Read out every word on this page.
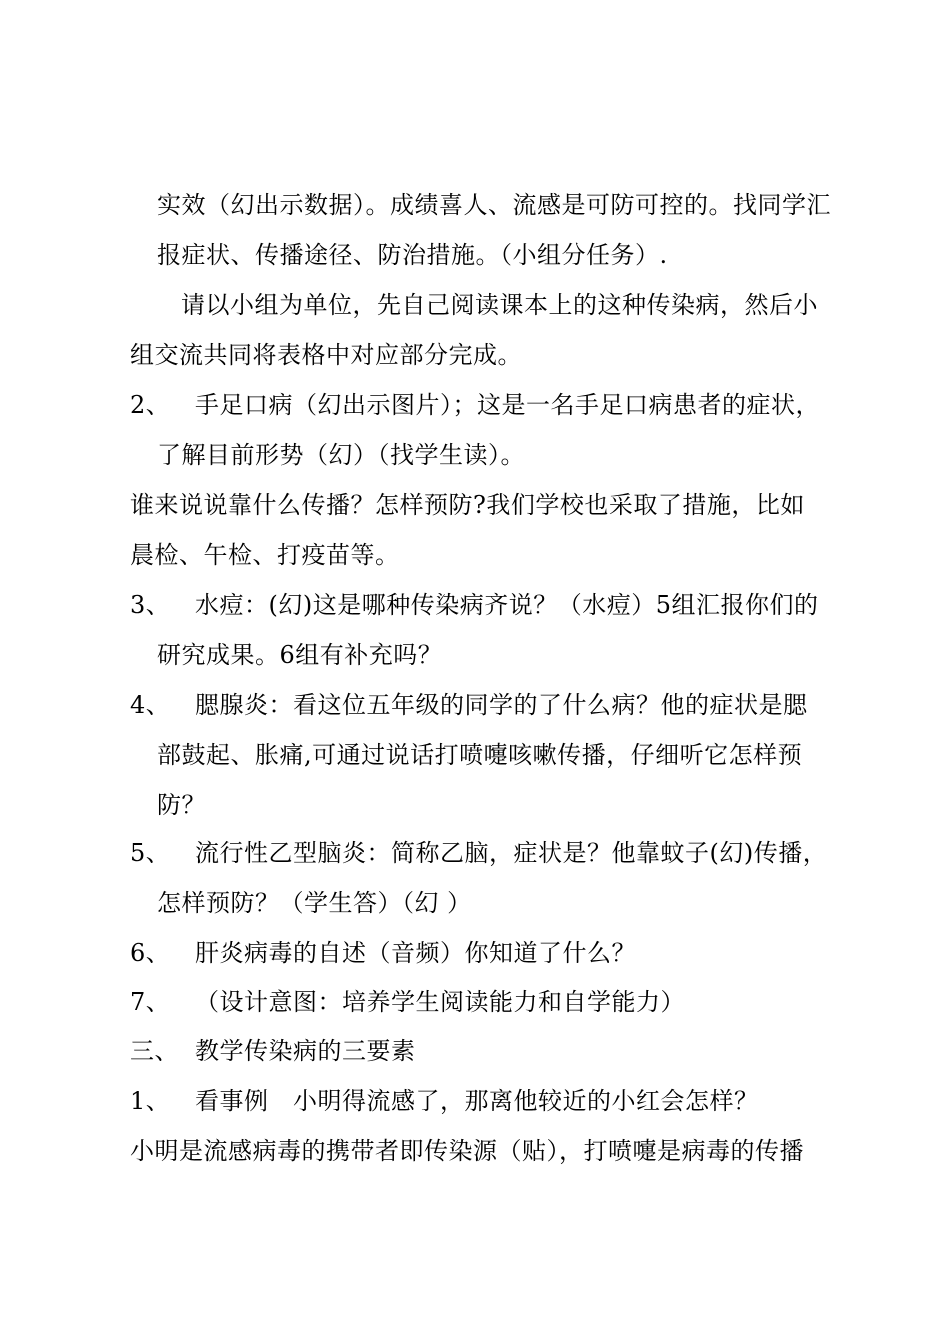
实效（幻出示数据）。成绩喜人、流感是可防可控的。找同学汇
报症状、传播途径、防治措施。（小组分任务）.
请以小组为单位，先自己阅读课本上的这种传染病，然后小
组交流共同将表格中对应部分完成。
2、 手足口病（幻出示图片）；这是一名手足口病患者的症状，
了解目前形势（幻）（找学生读）。
谁来说说靠什么传播？怎样预防?我们学校也采取了措施，比如
晨检、午检、打疫苗等。
3、 水痘：(幻)这是哪种传染病齐说？（水痘）5组汇报你们的
研究成果。6组有补充吗？
4、 腮腺炎：看这位五年级的同学的了什么病？他的症状是腮
部鼓起、胀痛,可通过说话打喷嚏咳嗽传播，仔细听它怎样预
防？
5、 流行性乙型脑炎：简称乙脑，症状是？他靠蚊子(幻)传播，
怎样预防？（学生答）（幻 ）
6、 肝炎病毒的自述（音频）你知道了什么？
7、 （设计意图：培养学生阅读能力和自学能力）
三、 教学传染病的三要素
1、 看事例　小明得流感了，那离他较近的小红会怎样？
小明是流感病毒的携带者即传染源（贴），打喷嚏是病毒的传播
